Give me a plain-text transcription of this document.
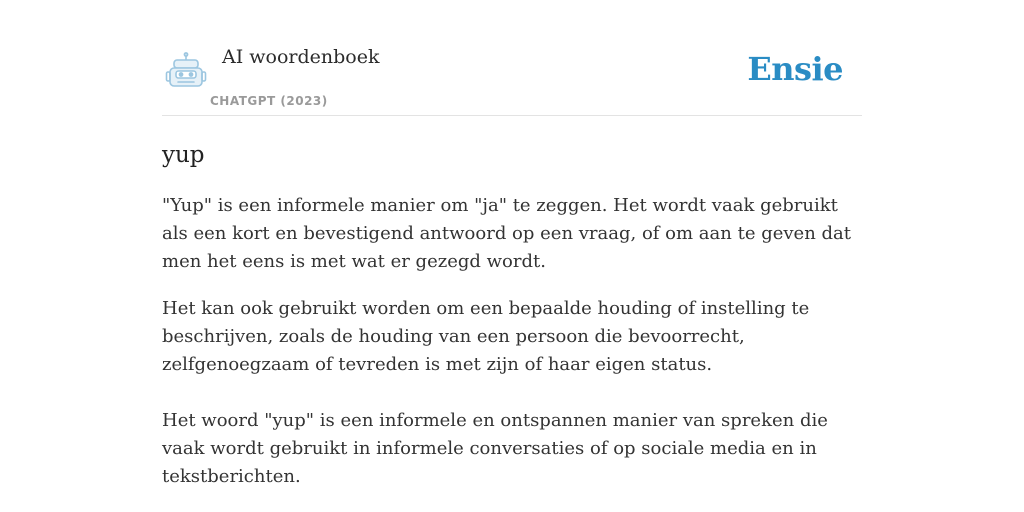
AI woordenboek
CHATGPT (2023)
Ensie
yup

"Yup" is een informele manier om "ja" te zeggen. Het wordt vaak gebruikt als een kort en bevestigend antwoord op een vraag, of om aan te geven dat men het eens is met wat er gezegd wordt.

Het kan ook gebruikt worden om een bepaalde houding of instelling te beschrijven, zoals de houding van een persoon die bevoorrecht, zelfgenoegzaam of tevreden is met zijn of haar eigen status.

Het woord "yup" is een informele en ontspannen manier van spreken die vaak wordt gebruikt in informele conversaties of op sociale media en in tekstberichten.
